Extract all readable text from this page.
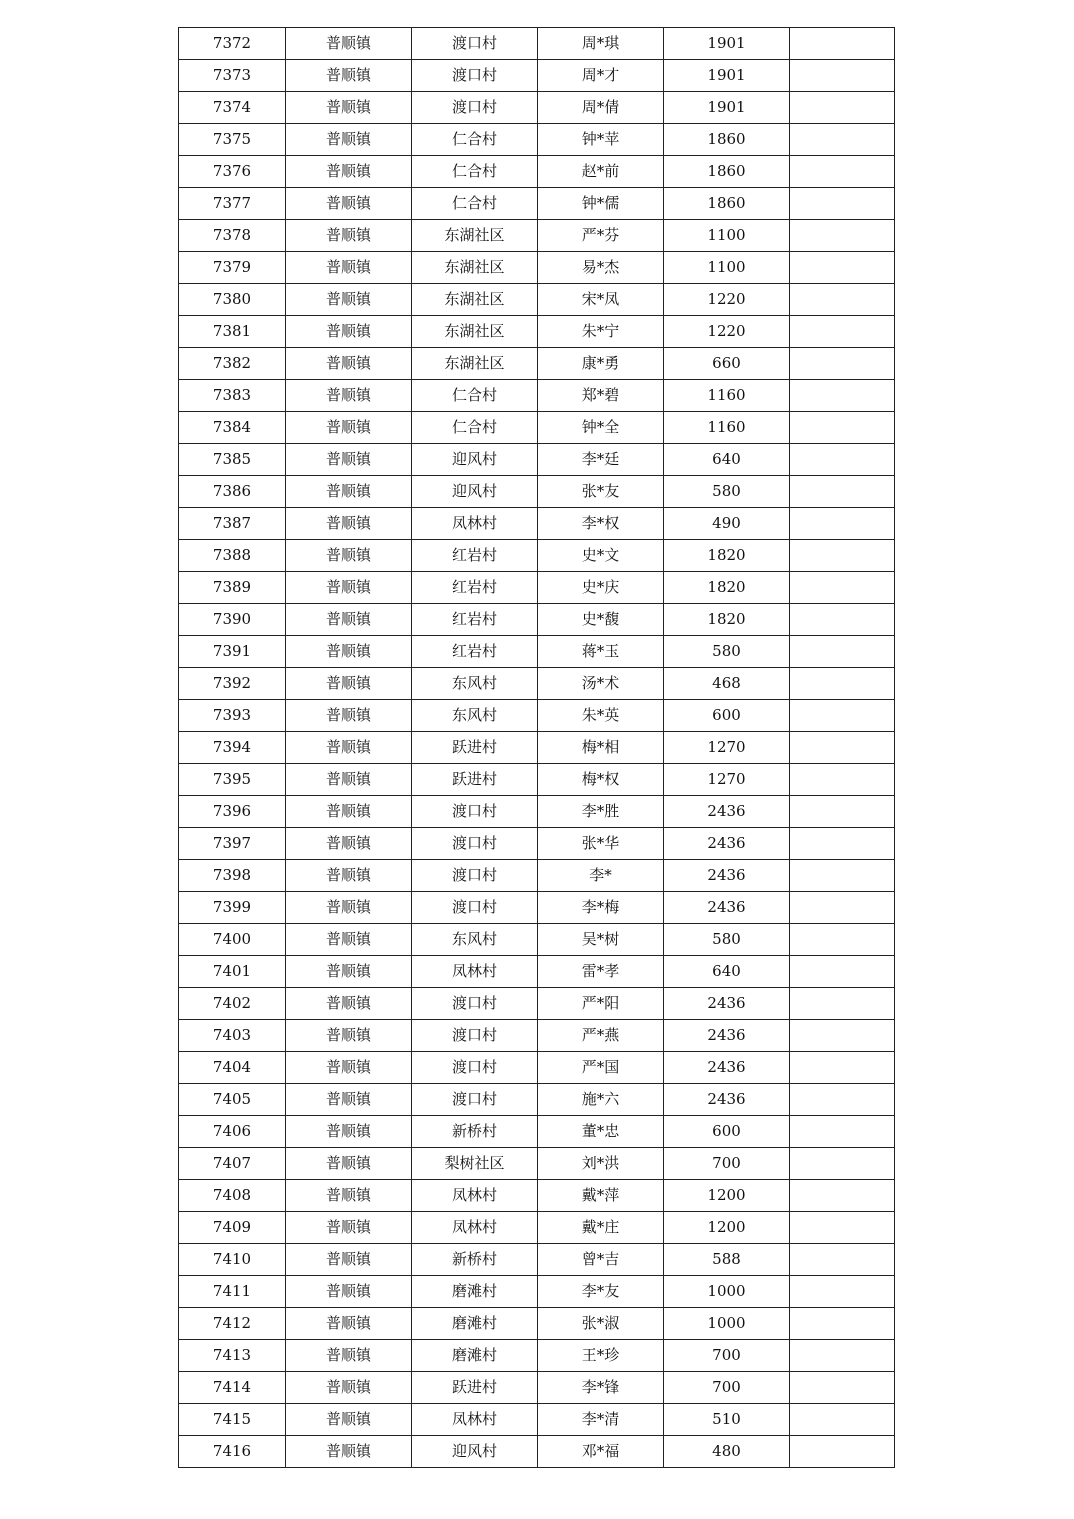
7372	普顺镇	渡口村	周*琪	1901	
7373	普顺镇	渡口村	周*才	1901	
7374	普顺镇	渡口村	周*倩	1901	
7375	普顺镇	仁合村	钟*苹	1860	
7376	普顺镇	仁合村	赵*前	1860	
7377	普顺镇	仁合村	钟*儒	1860	
7378	普顺镇	东湖社区	严*芬	1100	
7379	普顺镇	东湖社区	易*杰	1100	
7380	普顺镇	东湖社区	宋*凤	1220	
7381	普顺镇	东湖社区	朱*宁	1220	
7382	普顺镇	东湖社区	康*勇	660	
7383	普顺镇	仁合村	郑*碧	1160	
7384	普顺镇	仁合村	钟*全	1160	
7385	普顺镇	迎风村	李*廷	640	
7386	普顺镇	迎风村	张*友	580	
7387	普顺镇	凤林村	李*权	490	
7388	普顺镇	红岩村	史*文	1820	
7389	普顺镇	红岩村	史*庆	1820	
7390	普顺镇	红岩村	史*馥	1820	
7391	普顺镇	红岩村	蒋*玉	580	
7392	普顺镇	东风村	汤*术	468	
7393	普顺镇	东风村	朱*英	600	
7394	普顺镇	跃进村	梅*相	1270	
7395	普顺镇	跃进村	梅*权	1270	
7396	普顺镇	渡口村	李*胜	2436	
7397	普顺镇	渡口村	张*华	2436	
7398	普顺镇	渡口村	李*	2436	
7399	普顺镇	渡口村	李*梅	2436	
7400	普顺镇	东风村	吴*树	580	
7401	普顺镇	凤林村	雷*孝	640	
7402	普顺镇	渡口村	严*阳	2436	
7403	普顺镇	渡口村	严*燕	2436	
7404	普顺镇	渡口村	严*国	2436	
7405	普顺镇	渡口村	施*六	2436	
7406	普顺镇	新桥村	董*忠	600	
7407	普顺镇	梨树社区	刘*洪	700	
7408	普顺镇	凤林村	戴*萍	1200	
7409	普顺镇	凤林村	戴*庄	1200	
7410	普顺镇	新桥村	曾*吉	588	
7411	普顺镇	磨滩村	李*友	1000	
7412	普顺镇	磨滩村	张*淑	1000	
7413	普顺镇	磨滩村	王*珍	700	
7414	普顺镇	跃进村	李*锋	700	
7415	普顺镇	凤林村	李*清	510	
7416	普顺镇	迎风村	邓*福	480	
